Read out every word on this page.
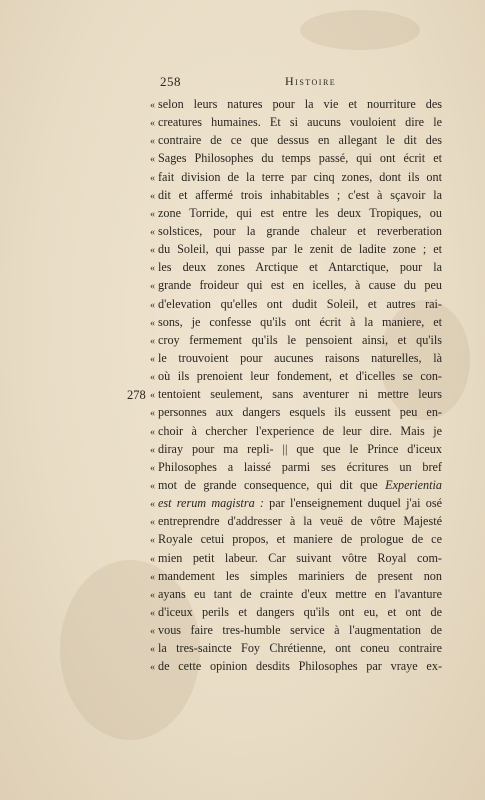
258	Histoire
278
« selon leurs natures pour la vie et nourriture des
« creatures humaines. Et si aucuns vouloient dire le
« contraire de ce que dessus en allegant le dit des
« Sages Philosophes du temps passé, qui ont écrit et
« fait division de la terre par cinq zones, dont ils ont
« dit et affermé trois inhabitables ; c'est à sçavoir la
« zone Torride, qui est entre les deux Tropiques, ou
« solstices, pour la grande chaleur et reverberation
« du Soleil, qui passe par le zenit de ladite zone ; et
« les deux zones Arctique et Antarctique, pour la
« grande froideur qui est en icelles, à cause du peu
« d'elevation qu'elles ont dudit Soleil, et autres rai-
« sons, je confesse qu'ils ont écrit à la maniere, et
« croy fermement qu'ils le pensoient ainsi, et qu'ils
« le trouvoient pour aucunes raisons naturelles, là
« où ils prenoient leur fondement, et d'icelles se con-
« tentoient seulement, sans aventurer ni mettre leurs
« personnes aux dangers esquels ils eussent peu en-
« choir à chercher l'experience de leur dire. Mais je
« diray pour ma repli- || que que le Prince d'iceux
« Philosophes a laissé parmi ses écritures un bref
« mot de grande consequence, qui dit que Experientia
« est rerum magistra : par l'enseignement duquel j'ai osé
« entreprendre d'addresser à la veuë de vôtre Majesté
« Royale cetui propos, et maniere de prologue de ce
« mien petit labeur. Car suivant vôtre Royal com-
« mandement les simples mariniers de present non
« ayans eu tant de crainte d'eux mettre en l'avanture
« d'iceux perils et dangers qu'ils ont eu, et ont de
« vous faire tres-humble service à l'augmentation de
« la tres-saincte Foy Chrétienne, ont coneu contraire
« de cette opinion desdits Philosophes par vraye ex-
